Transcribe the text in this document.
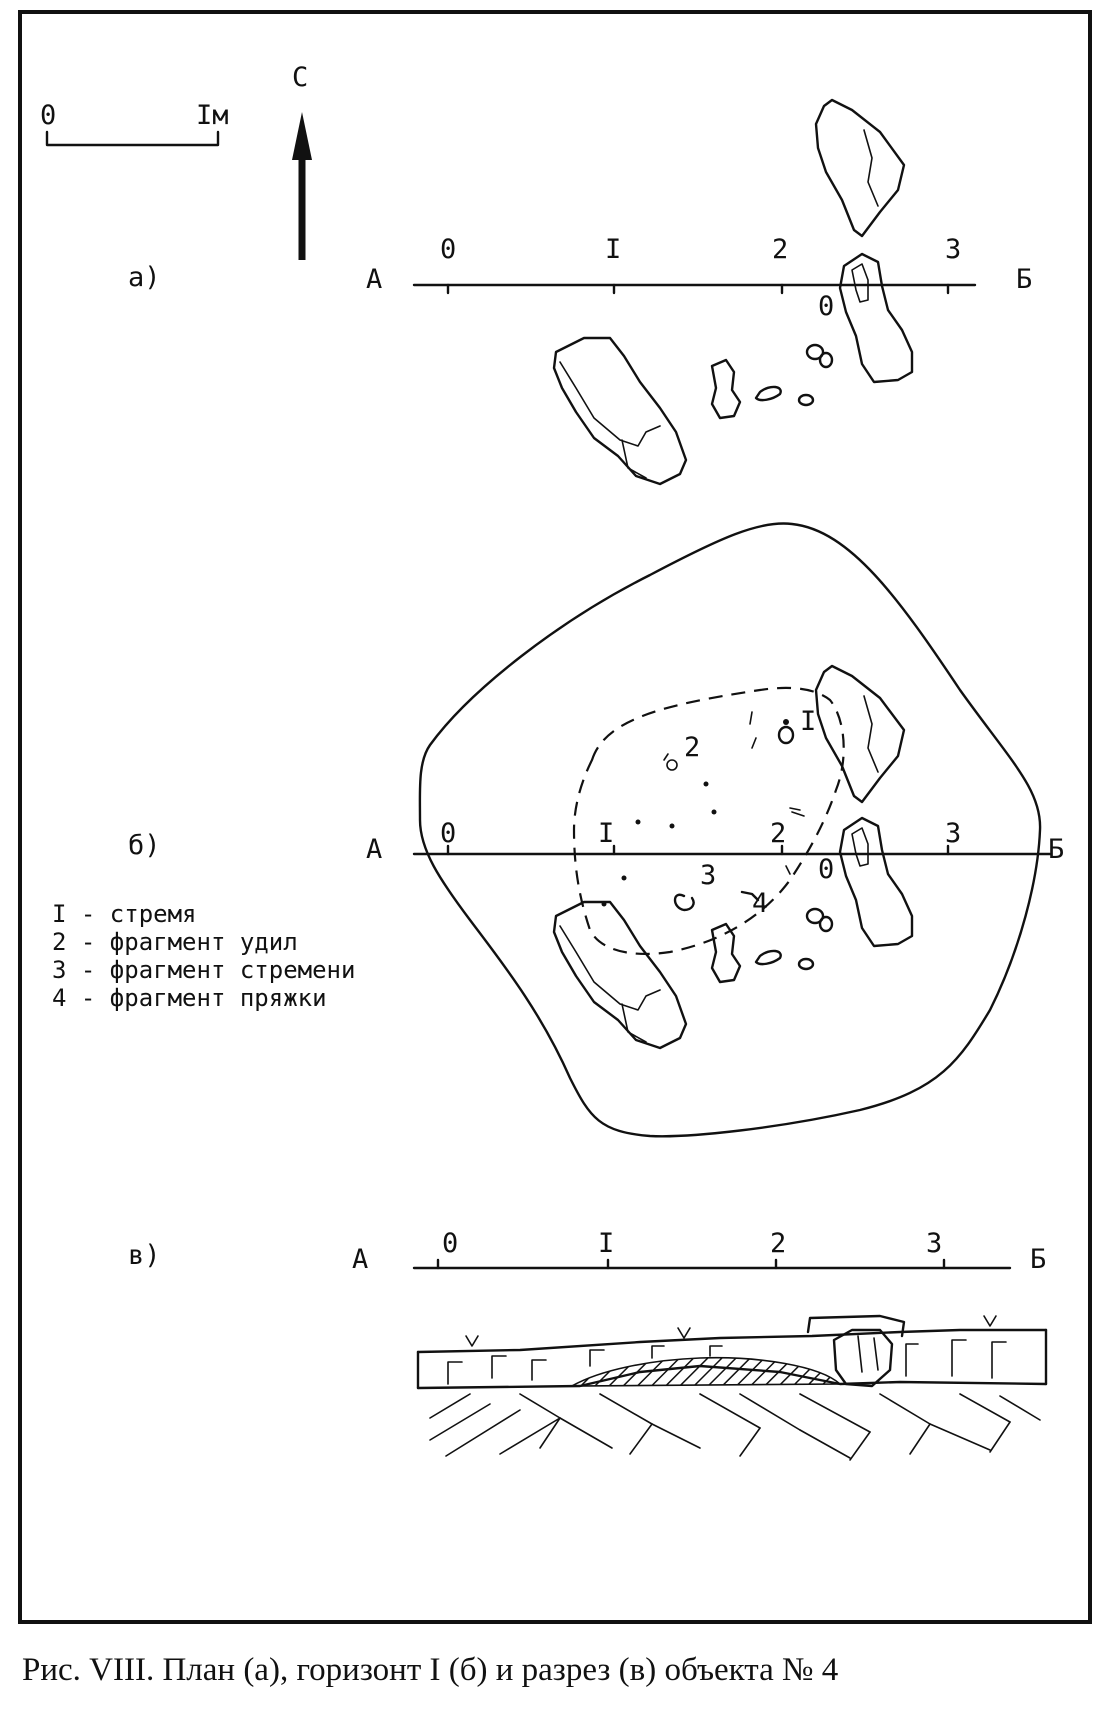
0	Iм
С
а)	А	Б
0	I	2	3
0
б)	А	Б
0	I	2	3
0
I
2
3
4
I - стремя
2 - фрагмент удил
3 - фрагмент стремени
4 - фрагмент пряжки
в)	А	Б
0	I	2	3
Рис. VIII. План (а), горизонт I (б) и разрез (в) объекта № 4
